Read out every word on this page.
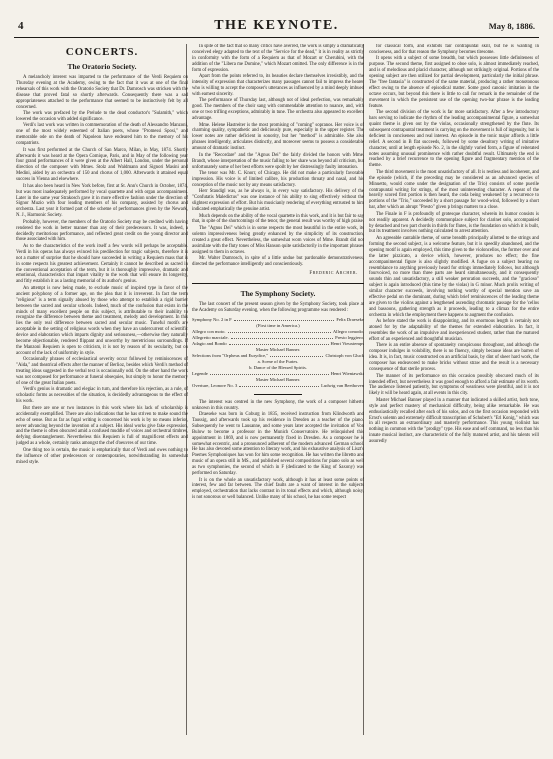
4	THE KEYNOTE.	May 8, 1886.
CONCERTS.
The Oratorio Society.

A melancholy interest was imparted to the performance of the Verdi Requiem on Thursday evening at the Academy, owing to the fact that it was at one of the final rehearsals of this work with the Oratorio Society that Dr. Damrosch was stricken with the disease that proved fatal so shortly afterwards. Consequently there was a sad appropriateness attached to the performance that seemed to be instinctively felt by all concerned.

The work was prefaced by the Prelude to the dead conductor's "Sulamith," which lowered the occasion with added significance.

Verdi's last work was written in commemoration of the death of Alessandro Manzoni, one of the most widely esteemed of Italian poets, whose "Promessi Sposi," and memorable ode on the death of Napoleon have endeared him to the memory of his compatriots.

It was first performed at the Church of San Marco, Milan, in May, 1874. Shortly afterwards it was heard at the Opera Comique, Paris, and in May of the following year four grand performances of it were given at the Albert Hall, London, under the personal direction of the composer with Mmes. Stolz and Waldmann and Signori Masini and Medini, aided by an orchestra of 150 and chorus of 1,000. Afterwards it attained equal success in Vienna and elsewhere.

It has also been heard in New York before, first at St. Ann's Church in October, 1874, but was most inadequately performed by vocal quartette and with organ accompaniment. Later in the same year Strakosch gave it in more effective fashion under the direction of Signor Muzio with four leading members of his company, assisted by chorus and orchestra. Last year it formed part of the scheme of performances given by the Newark, N. J., Harmonic Society.

Probably, however, the members of the Oratorio Society may be credited with having rendered the work in better manner than any of their predecessors. It was, indeed, a decidedly meritorious performance, and reflected great credit on the young director and those associated with him.

As to the characteristics of the work itself a few words will perhaps be acceptable. Verdi in his operas has always evinced his predilection for tragic subjects, therefore it is not a matter of surprise that he should have succeeded in writing a Requiem mass that is in some respects his greatest achievement. Certainly it cannot be described as sacred in the conventional acceptation of the term, but it is thoroughly impressive, dramatic and emotional, characteristics that impart vitality to the work that will ensure its longevity, and fitly establish it as a lasting memorial of its author's genius.

An attempt is now being made, to exclude music of inspired type in favor of the ancient polyphony of a former age, on the plea that it is irreverent. In fact the term "religious" is a term signally abused by those who attempt to establish a rigid barrier between the sacred and secular schools. Indeed, much of the confusion that exists in the minds of many excellent people on this subject, is attributable to their inability to recognize the difference between theme and treatment, melody and development. In this lies the only real difference between sacred and secular music. Tuneful motifs are acceptable in the setting of religious words when they have an undercurrent of scientific device and elaboration which imparts dignity and seriousness,—otherwise they naturally become objectionable, rendered flippant and unworthy by meretricious surroundings. If the Manzoni Requiem is open to criticism, it is not by reason of its secularity, but on account of the lack of uniformity in style.

Occasionally phrases of ecclesiastical severity occur followed by reminiscences of "Aida," and theatrical effects after the manner of Berlioz, besides which Verdi's method of treating ideas suggested in the verbal text is occasionally odd. On the other hand the work was not composed for performance at funeral obsequies, but simply to honor the memory of one of the great Italian poets.

Verdi's genius is dramatic and elegiac in turn, and therefore his rejection, as a rule, of scholastic forms as necessities of the situation, is decidedly advantageous to the effect of his work.

But there are one or two instances in this work where his lack of scholarship is accidentally exemplified. There are also indications that he has striven to make sound the echo of sense. But as far as fugal writing is concerned his work is by no means inferior, never advancing beyond the invention of a subject. His ideal works give fake expression, and the theme is often obscured amid a confused muddle of voices and orchestral timbres, defying disentanglement. Nevertheless this Requiem is full of magnificent effects and judged as a whole, certainly ranks amongst the chef d'oeuvres of our time.

One thing too is certain, the music is emphatically that of Verdi and owes nothing to the influence of other predecessors or contemporaries, notwithstanding its somewhat mixed style.

In spite of the fact that so many critics have averred, the work is simply a dramatically conceived elegy adapted to the text of the "Service for the dead," it is in reality as strictly in conformity with the form of a Requiem as that of Mozart or Cherubini, with the addition of the "Libera me Domine," which Mozart omitted. The only difference is in the form of expression.

Apart from the points referred to, its beauties declare themselves irresistibly, and the intensity of expression that characterizes many passages cannot fail to impress the hearer who is willing to accept the composer's utterances as influenced by a mind deeply imbued with earnest sincerity.

The performance of Thursday last, although not of ideal perfection, was remarkably good. The members of the choir sang with commendable attention to nuance, and, with one or two trifling exceptions, admirably in tune. The orchestra also appeared to excellent advantage.

Mme. Helene Hastreiter is the most promising of "coming" sopranos. Her voice is of charming quality, sympathetic and deliciously pure, especially in the upper register. The lower notes are rather deficient in sonority, but her "method" is admirable. She also phrases intelligently, articulates distinctly, and moreover seems to possess a considerable amount of dramatic instinct.

In the "Recordare" and the "Agnus Dei" the fairly divided the honors with Mme. Brandt, whose interpretation of the music falling to her share was beyond all criticism, but unfortunately some of her best efforts were spoilt by her distressingly faulty intonation.

The tenor was Mr. C. Knorr, of Chicago. He did not make a particularly favorable impression. His voice is of limited calibre, his production throaty and nasal, and his conception of the music not by any means satisfactory.

Herr Staudigl was, as he always is, in every way satisfactory. His delivery of the "Confutatis Maledictus" was one instance of his ability to sing effectively without the slightest expression of effort. But his musicianly rendering of everything entrusted to him indicated emphatically the genuine artist.

Much depends on the ability of the vocal quartette in this work, and it is but fair to say that, in spite of the shortcomings of the tenor, the general result was worthy of high praise.

The "Agnus Dei" which is in some respects the most beautiful in the entire work, its solemn impressiveness being greatly enhanced by the simplicity of its construction, created a great effect. Nevertheless, the somewhat worn voices of Mme. Brandt did not assimilate with the fluty tones of Miss Hanson quite satisfactorily in the important phrases assigned to them in octaves.

Mr. Walter Damrosch, in spite of a little undue but pardonable demonstrativeness, directed the performance intelligently and conscientiously.

Frederic Archer.
The Symphony Society.

The last concert of the present season given by the Symphony Society, took place at the Academy on Saturday evening, when the following programme was rendered :

Symphony No. 2 in F	Felix Draeseke
(First time in America.)
Allegro con moto.	Allegro comodo.
Allegretto marciale.	Presto leggiero.
Adagio and Rondo	Henri Vieuxtemps
Master Michael Banner.
Selections from "Orpheus and Eurydice,"	Christoph von Gluck
a. Scene of the Furies.
b. Dance of the Blessed Spirits.
Legende	Henri Wieniawski
Master Michael Banner.
Overture, Leonore No. 3	Ludwig van Beethoven

The interest was centred in the new Symphony, the work of a composer hitherto unknown in this country.

Draeseke was born in Coburg in 1835, received instruction from Klindworth and Taussig, and afterwards took up his residence in Dresden as a teacher of the piano. Subsequently he went to Lausanne, and some years later accepted the invitation of Von Bulow to become a professor in the Munich Conservatoire. He relinquished this appointment in 1869, and is now permanently fixed in Dresden. As a composer he is somewhat eccentric, and a pronounced adherent of the modern advanced German school. He has also devoted some attention to literary work, and his exhaustive analysis of Liszt's Poemes Symphoniques has won for him some recognition. He has written the libretto and music of an opera still in MS., and published several compositions for piano solo as well as two symphonies, the second of which in F (dedicated to the King of Saxony) was performed on Saturday.

It is on the whole an unsatisfactory work, although it has at least some points of interest, few and far between. The chief faults are a want of interest in the subjects employed, orchestration that lacks contrast in its tonal effects and which, although noisy, is not sonorous or well balanced. Unlike many of his school, he has some respect

for classical form, and exhibits fair contrapuntal skill, but he is wanting in conciseness, and for that reason the Symphony becomes tiresome.

It opens with a subject of some breadth, but which possesses little definiteness of purpose. The second theme, first assigned to oboe solo, is almost immediately reached, and is of melodious and placid character, although not strikingly original. Portions of the opening subject are then utilized for partial development, particularly the initial phrase. The "free fantasia" is constructed of the same material, producing a rather monotonous effect owing to the absence of episodical matter. Some good canonic imitation in the octave occurs, but beyond this there is little to call for remark in the remainder of the movement in which the persistent use of the opening two-bar phrase is the leading feature.

The second division of the work is far more satisfactory. After a few introductory bars serving to indicate the rhythm of the leading accompanimental figure, a somewhat quaint theme is given out by the violas, occasionally strengthened by the flute. Its subsequent contrapuntal treatment is carrying on the movement is full of ingenuity, but is deficient in conciseness and real interest. An episode in the tonic major affords a little relief. A second in B flat succeeds, followed by some desultory writing of imitative character, until at length episode No. 2, in the slightly varied form, a figure of reiterated notes assuming unusual prominence with rather doubtful result. Ultimately the end is reached by a brief recurrence to the opening figure and fragmentary mention of the theme.

The third movement is the most unsatisfactory of all. It is restless and incoherent, and the episode (which, if the preceding may be considered as an advanced species of Minuetto, would come under the designation of the Trio) consists of some puerile contrapuntal writing for strings, of the most uninteresting character. A repeat of the heavily scored first portion is then heard, the coda being weakened by a recurrence to portions of the "Trio," succeeded by a short passage for wood-wind, followed by a short bar, after which an abrupt "Presto" given p brings matters to a close.

The Finale in F is profoundly of grotesque character, wherein its humor consists is not readily apparent. A decidedly commonplace subject for clarinet solo, accompanied by detached and two part chords in thirds for flutes, is the foundation on which it is built, but its treatment involves nothing calculated to arrest attention.

An agreeable cantabile theme, of some breadth principally allotted to the strings and forming the second subject, is a welcome feature, but it is speedily abandoned, and the opening motif is again employed, this time given to the violoncellos, the former over and the latter pizzicato, a device which, however, produces no effect; the fine accompanimental figure is also slightly modified. A fugue on a subject bearing no resemblance to anything previously heard for strings immediately follows, but although fourvoiced, no more than three parts are heard simultaneously, and it consequently sounds thin and unsatisfactory, a still weaker peroration succeeds, and the "gracioso" subject is again introduced (this time by the violas) in G minor. Much prolix writing of similar character succeeds, involving nothing worthy of special mention save an effective pedal on the dominant, during which brief reminiscences of the leading theme are given to the violins against a lengthened ascending chromatic passage for the 'cellos and bassoons, gathering strength as it proceeds, leading to a climax for the entire orchestra in which the employment there happens to augment the confusion.

As before stated the work is disappointing, and its enormous length is certainly not atoned for by the adaptability of the themes for extended elaboration. In fact, it resembles the work of an impulsive and inexperienced student, rather than the matured effort of an experienced and thoughtful musician.

There is an entire absence of spontaneity conspicuous throughout, and although the composer indulges in volubility, there is no fluency, simply because ideas are barren of idea. It is, in fact, music constructed on an artificial basis, by dint of sheer hard work, the composer has endeavored to make bricks without straw and the result is a necessary consequence of that sterile process.

The manner of its performance on this occasion possibly obscured much of its intended effect, but nevertheless it was good enough to afford a fair estimate of its worth. The audience listened patiently, but symptoms of weariness were plentiful, and it is not likely it will be heard again, at all events in this city.

Master Michael Banner played in a manner that indicated a skilled artist, both tone, style and perfect mastery of mechanical difficulty, being alike remarkable. He was enthusiastically recalled after each of his solos, and on the first occasion responded with Ernst's solemn and extremely difficult transcription of Schubert's "Erl Konig," which was in all respects an extraordinary and masterly performance. This young violinist has nothing in common with the "prodigy" type. His ease and self command, no less than his innate musical instinct, are characteristic of the fully matured artist, and his talents will assuredly
